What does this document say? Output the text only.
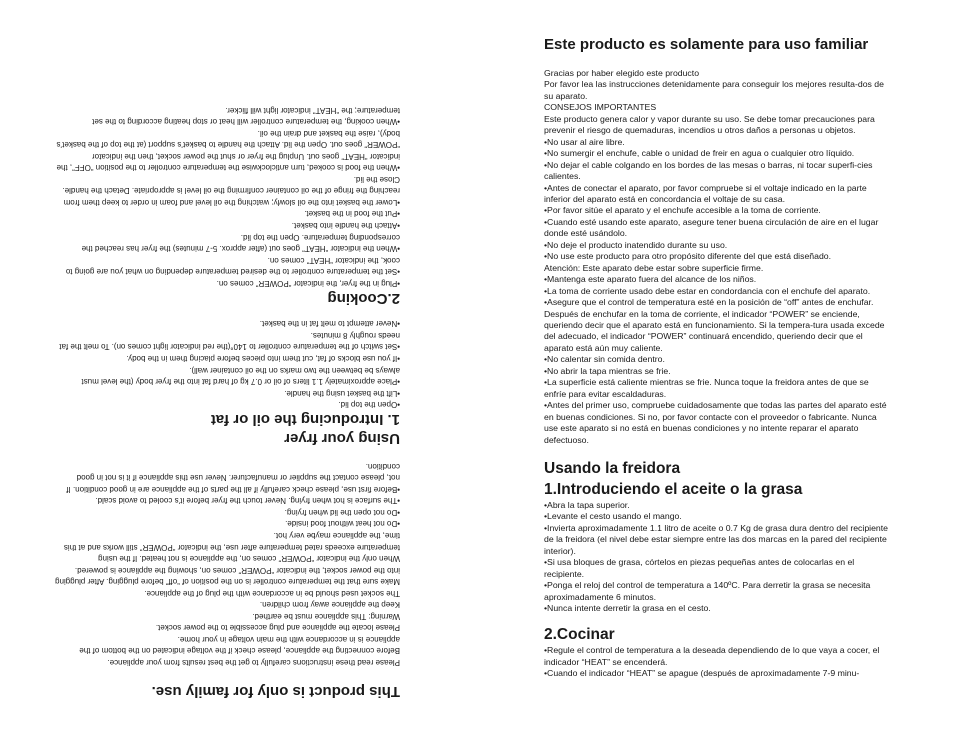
This product is only for family use.
Please read these instructions carefully to get the best results from your appliance.
Before connecting the appliance, please check if the voltage indicated on the bottom of the appliance is in accordance with the main voltage in your home.
Please locate the appliance and plug accessible to the power socket.
Warning: This appliance must be earthed.
Keep the appliance away from children.
The socket used should be in accordance with the plug of the appliance.
Make sure that the temperature controller is on the position of “off” before plugging. After plugging into the power socket, the indicator “POWER” comes on, showing the appliance is powered. When only the indicator “POWER” comes on, the appliance is not heated. If the using temperature exceeds rated temperature after use, the indicator “POWER” still works and at this time, the appliance maybe very hot.
•Do not heat without food inside.
•Do not open the lid when frying.
•The surface is hot when frying. Never touch the fryer before it’s cooled to avoid scald.
•Before first use, please check carefully if all the parts of the appliance are in good condition. If not, please contact the supplier or manufacturer. Never use this appliance if it is not in good condition.
Using your fryer
1. Introducing the oil or fat
•Open the top lid.
•Lift the basket using the handle.
•Place approximately 1.1 liters of oil or 0.7 kg of hard fat into the fryer body (the level must always be between the two marks on the oil container wall).
•If you use blocks of fat, cut them into pieces before placing them in the body.
•Set switch of the temperature controller to 140°(the red indicator light comes on). To melt the fat needs roughly 8 minutes.
•Never attempt to melt fat in the basket.
2.Cooking
•Plug in the fryer, the indicator “POWER” comes on.
•Set the temperature controller to the desired temperature depending on what you are going to cook, the indicator “HEAT” comes on.
•When the indicator “HEAT” goes out (after approx. 5-7 minutes) the fryer has reached the corresponding temperature. Open the top lid.
•Attach the handle into basket.
•Put the food in the basket.
•Lower the basket into the oil slowly; watching the oil level and foam in order to keep them from reaching the fringe of the oil container confirming the oil level is appropriate. Detach the handle. Close the lid.
•When the food is cooked, turn anticlockwise the temperature controller to the position “OFF”, the indicator “HEAT” goes out. Unplug the fryer or shut the power socket, then the indicator “POWER” goes out. Open the lid. Attach the handle to basket’s support (at the top of the basket’s body), raise the basket and drain the oil.
•When cooking, the temperature controller will heat or stop heating according to the set temperature; the “HEAT” indicator light will flicker.
Este producto es solamente para uso familiar
Gracias por haber elegido este producto
Por favor lea las instrucciones detenidamente para conseguir los mejores resulta-dos de su aparato.
CONSEJOS IMPORTANTES
Este producto genera calor y vapor durante su uso. Se debe tomar precauciones para prevenir el riesgo de quemaduras, incendios u otros daños a personas u objetos.
•No usar al aire libre.
•No sumergir el enchufe, cable o unidad de freir en agua o cualquier otro líquido.
•No dejar el cable colgando en los bordes de las mesas o barras, ni tocar superfi-cies calientes.
•Antes de conectar el aparato, por favor compruebe si el voltaje indicado en la parte inferior del aparato está en concordancia el voltaje de su casa.
•Por favor sitúe el aparato y el enchufe accesible a la toma de corriente.
•Cuando esté usando este aparato, asegure tener buena circulación de aire en el lugar donde esté usándolo.
•No deje el producto inatendido durante su uso.
•No use este producto para otro propósito diferente del que está diseñado.
Atención: Este aparato debe estar sobre superficie firme.
•Mantenga este aparato fuera del alcance de los niños.
•La toma de corriente usado debe estar en condordancia con el enchufe del aparato.
•Asegure que el control de temperatura esté en la posición de “off” antes de enchufar. Después de enchufar en la toma de corriente, el indicador “POWER” se enciende, queriendo decir que el aparato está en funcionamiento. Si la tempera-tura usada excede del adecuado, el indicador “POWER” continuará encendido, queriendo decir que el aparato está aún muy caliente.
•No calentar sin comida dentro.
•No abrir la tapa mientras se frie.
•La superficie está caliente mientras se frie. Nunca toque la freidora antes de que se enfríe para evitar escaldaduras.
•Antes del primer uso, compruebe cuidadosamente que todas las partes del aparato esté en buenas condiciones. Si no, por favor contacte con el proveedor o fabricante. Nunca use este aparato si no está en buenas condiciones y no intente reparar el aparato defectuoso.
Usando la freidora
1.Introduciendo el aceite o la grasa
•Abra la tapa superior.
•Levante el cesto usando el mango.
•Invierta aproximadamente 1.1 litro de aceite o 0.7 Kg de grasa dura dentro del recipiente de la freidora (el nivel debe estar siempre entre las dos marcas en la pared del recipiente interior).
•Si usa bloques de grasa, córtelos en piezas pequeñas antes de colocarlas en el recipiente.
•Ponga el reloj del control de temperatura a 140ºC. Para derretir la grasa se necesita aproximadamente 6 minutos.
•Nunca intente derretir la grasa en el cesto.
2.Cocinar
•Regule el control de temperatura a la deseada dependiendo de lo que vaya a cocer, el indicador “HEAT” se encenderá.
•Cuando el indicador “HEAT” se apague (después de aproximadamente 7-9 minu-
